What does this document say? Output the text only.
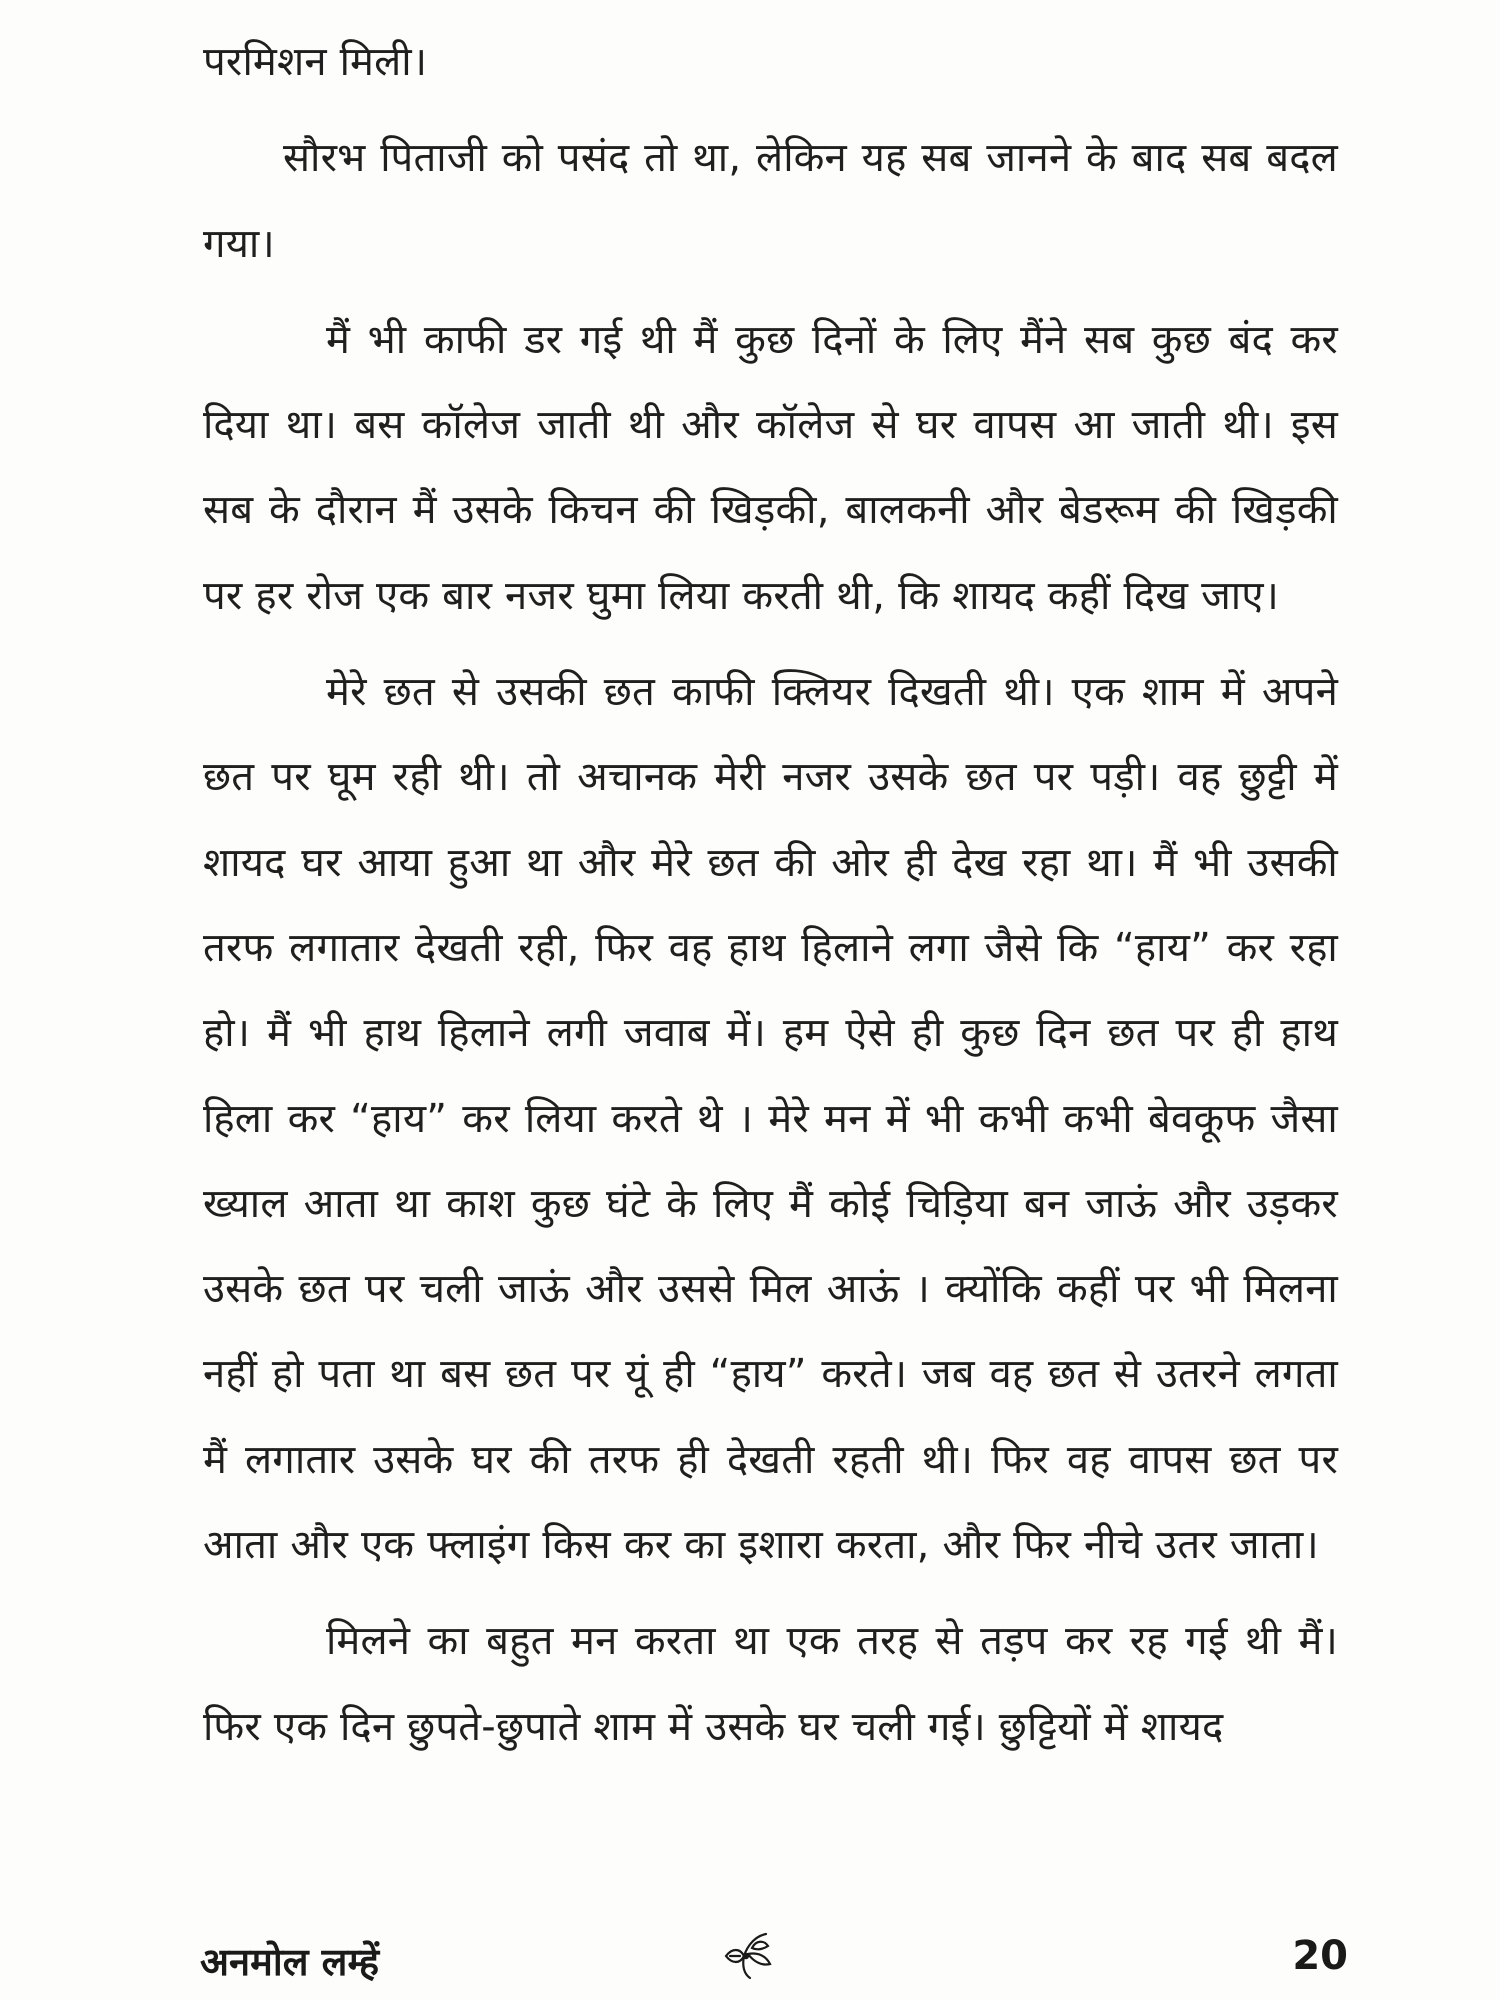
परमिशन मिली।

सौरभ पिताजी को पसंद तो था, लेकिन यह सब जानने के बाद सब बदल गया।

मैं भी काफी डर गई थी मैं कुछ दिनों के लिए मैंने सब कुछ बंद कर दिया था। बस कॉलेज जाती थी और कॉलेज से घर वापस आ जाती थी। इस सब के दौरान मैं उसके किचन की खिड़की, बालकनी और बेडरूम की खिड़की पर हर रोज एक बार नजर घुमा लिया करती थी, कि शायद कहीं दिख जाए।

मेरे छत से उसकी छत काफी क्लियर दिखती थी। एक शाम में अपने छत पर घूम रही थी। तो अचानक मेरी नजर उसके छत पर पड़ी। वह छुट्टी में शायद घर आया हुआ था और मेरे छत की ओर ही देख रहा था। मैं भी उसकी तरफ लगातार देखती रही, फिर वह हाथ हिलाने लगा जैसे कि “हाय” कर रहा हो। मैं भी हाथ हिलाने लगी जवाब में। हम ऐसे ही कुछ दिन छत पर ही हाथ हिला कर “हाय” कर लिया करते थे । मेरे मन में भी कभी कभी बेवकूफ जैसा ख्याल आता था काश कुछ घंटे के लिए मैं कोई चिड़िया बन जाऊं और उड़कर उसके छत पर चली जाऊं और उससे मिल आऊं । क्योंकि कहीं पर भी मिलना नहीं हो पता था बस छत पर यूं ही “हाय” करते। जब वह छत से उतरने लगता मैं लगातार उसके घर की तरफ ही देखती रहती थी। फिर वह वापस छत पर आता और एक फ्लाइंग किस कर का इशारा करता, और फिर नीचे उतर जाता।

मिलने का बहुत मन करता था एक तरह से तड़प कर रह गई थी मैं। फिर एक दिन छुपते-छुपाते शाम में उसके घर चली गई। छुट्टियों में शायद

अनमोल लम्हें	20
